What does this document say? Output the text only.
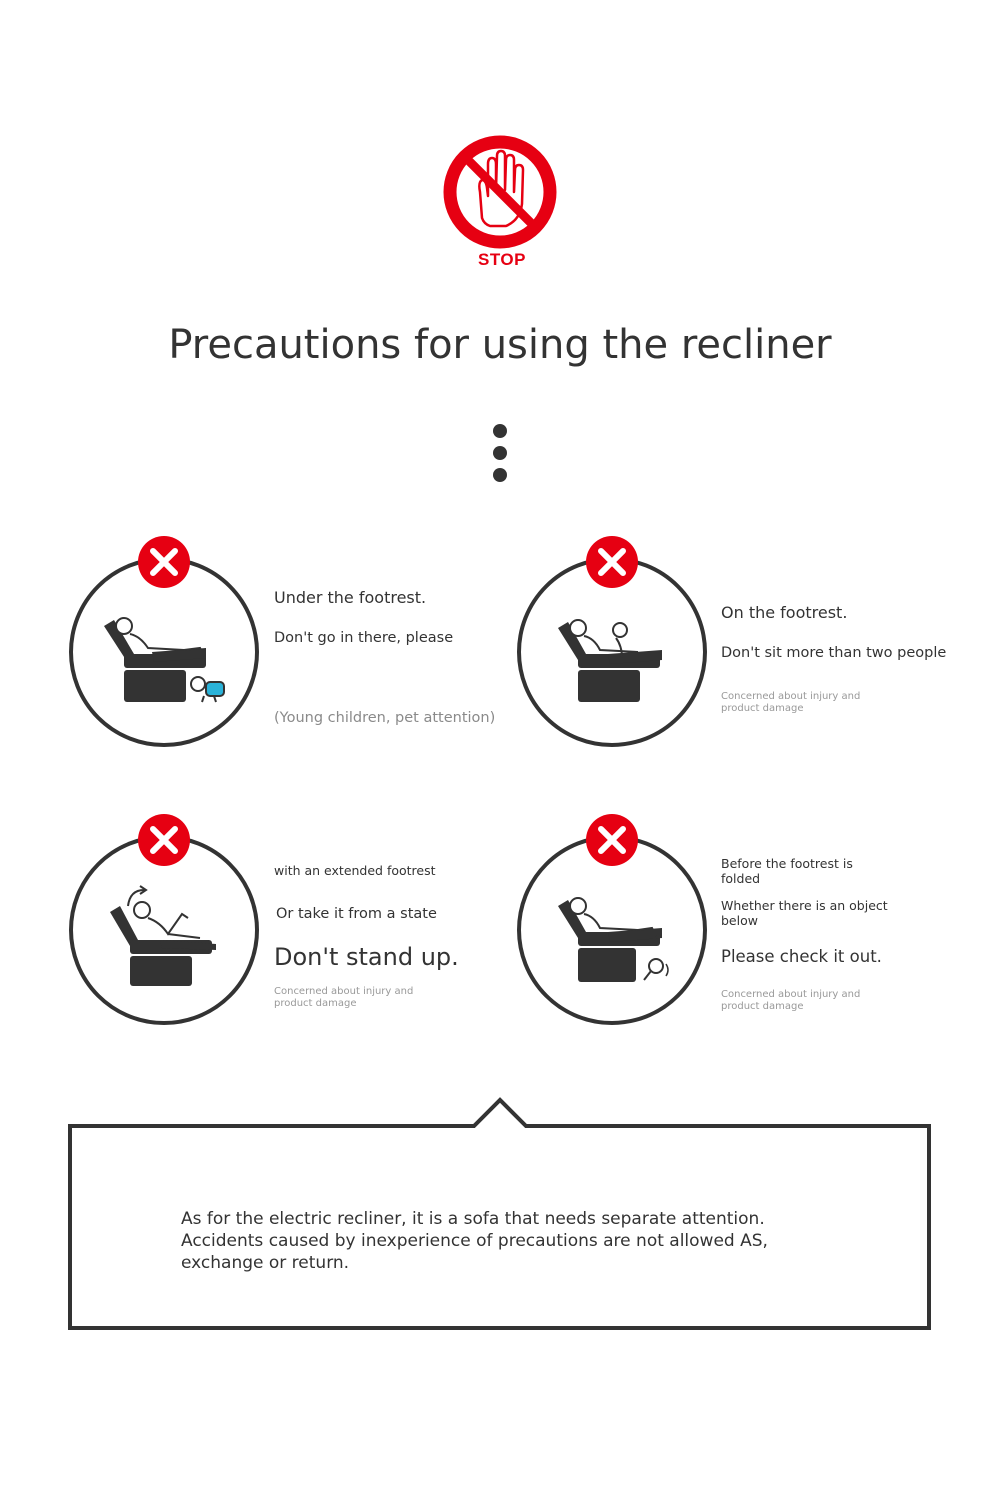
STOP
Precautions for using the recliner
Under the footrest.
Don't go in there, please
(Young children, pet attention)
On the footrest.
Don't sit more than two people
Concerned about injury and product damage
with an extended footrest
Or take it from a state
Don't stand up.
Concerned about injury and product damage
Before the footrest is folded
Whether there is an object below
Please check it out.
Concerned about injury and product damage
As for the electric recliner, it is a sofa that needs separate attention. Accidents caused by inexperience of precautions are not allowed AS, exchange or return.
